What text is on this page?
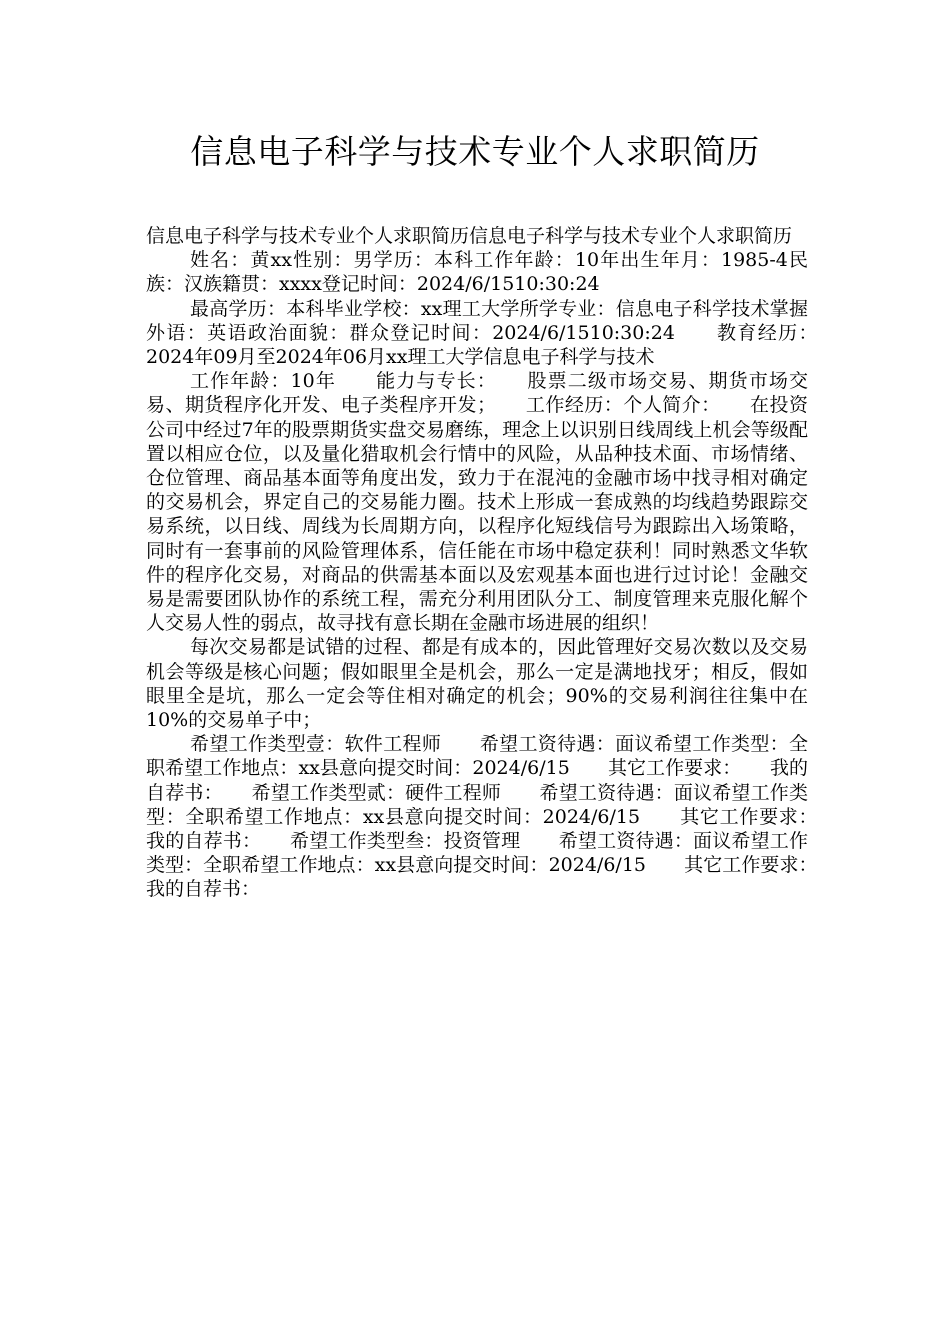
信息电子科学与技术专业个人求职简历

信息电子科学与技术专业个人求职简历信息电子科学与技术专业个人求职简历

姓名：黄xx性别：男学历：本科工作年龄：10年出生年月：1985-4民族：汉族籍贯：xxxx登记时间：2024/6/1510:30:24

最高学历：本科毕业学校：xx理工大学所学专业：信息电子科学技术掌握外语：英语政治面貌：群众登记时间：2024/6/1510:30:24　　教育经历：　　2024年09月至2024年06月xx理工大学信息电子科学与技术

工作年龄：10年　　能力与专长：　　股票二级市场交易、期货市场交易、期货程序化开发、电子类程序开发；　　工作经历：个人简介：　　在投资公司中经过7年的股票期货实盘交易磨练，理念上以识别日线周线上机会等级配置以相应仓位，以及量化猎取机会行情中的风险，从品种技术面、市场情绪、仓位管理、商品基本面等角度出发，致力于在混沌的金融市场中找寻相对确定的交易机会，界定自己的交易能力圈。技术上形成一套成熟的均线趋势跟踪交易系统，以日线、周线为长周期方向，以程序化短线信号为跟踪出入场策略，同时有一套事前的风险管理体系，信任能在市场中稳定获利！同时熟悉文华软件的程序化交易，对商品的供需基本面以及宏观基本面也进行过讨论！金融交易是需要团队协作的系统工程，需充分利用团队分工、制度管理来克服化解个人交易人性的弱点，故寻找有意长期在金融市场进展的组织！

每次交易都是试错的过程、都是有成本的，因此管理好交易次数以及交易机会等级是核心问题；假如眼里全是机会，那么一定是满地找牙；相反，假如眼里全是坑，那么一定会等住相对确定的机会；90%的交易利润往往集中在10%的交易单子中；

希望工作类型壹：软件工程师　　希望工资待遇：面议希望工作类型：全职希望工作地点：xx县意向提交时间：2024/6/15　　其它工作要求：　　我的自荐书：　　希望工作类型贰：硬件工程师　　希望工资待遇：面议希望工作类型：全职希望工作地点：xx县意向提交时间：2024/6/15　　其它工作要求：　　我的自荐书：　　希望工作类型叁：投资管理　　希望工资待遇：面议希望工作类型：全职希望工作地点：xx县意向提交时间：2024/6/15　　其它工作要求：　　我的自荐书：
